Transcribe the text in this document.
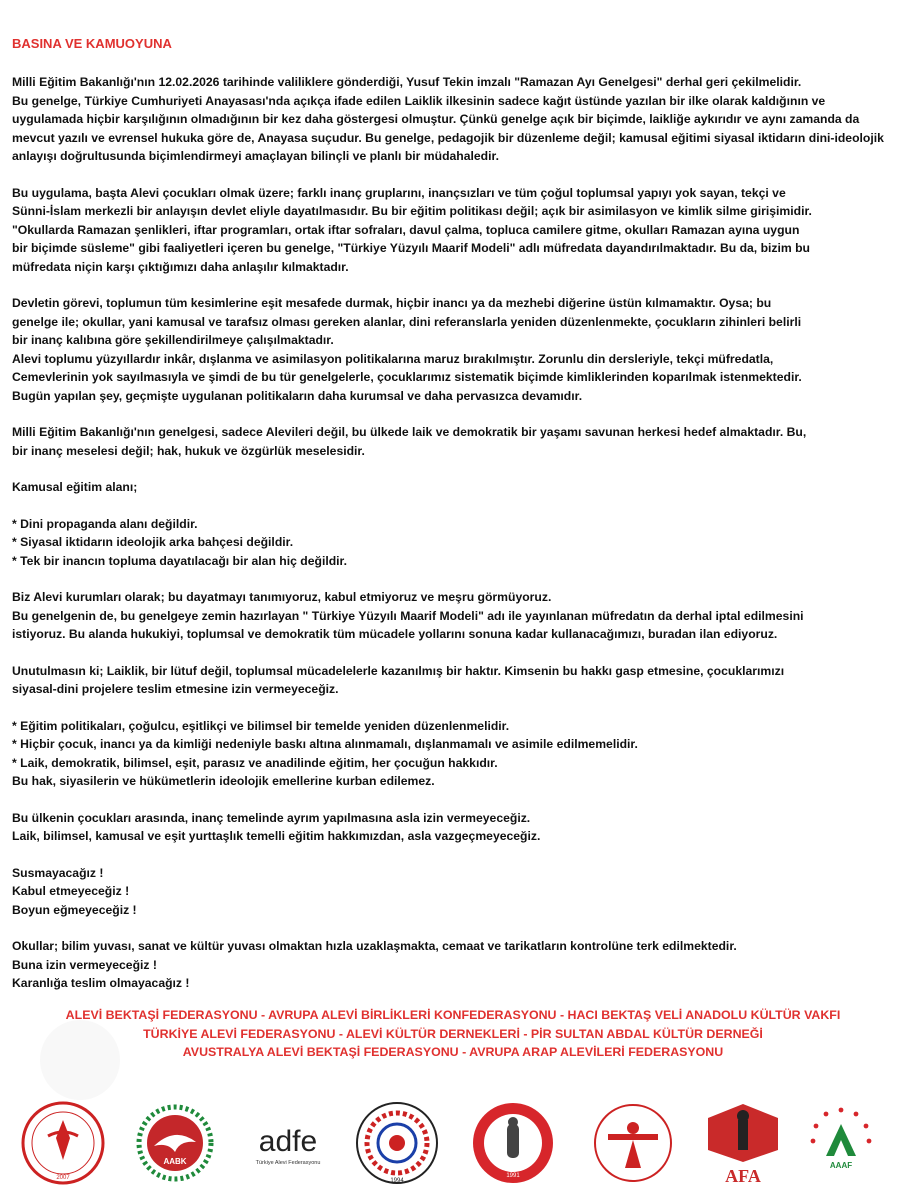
BASINA VE KAMUOYUNA
Milli Eğitim Bakanlığı'nın 12.02.2026 tarihinde valiliklere gönderdiği, Yusuf Tekin imzalı "Ramazan Ayı Genelgesi" derhal geri çekilmelidir.
Bu genelge, Türkiye Cumhuriyeti Anayasası'nda açıkça ifade edilen Laiklik ilkesinin sadece kağıt üstünde yazılan bir ilke olarak kaldığının ve
uygulamada hiçbir karşılığının olmadığının bir kez daha göstergesi olmuştur. Çünkü genelge açık bir biçimde, laikliğe aykırıdır ve aynı zamanda da
mevcut yazılı ve evrensel hukuka göre de, Anayasa suçudur. Bu genelge, pedagojik bir düzenleme değil; kamusal eğitimi siyasal iktidarın dini-ideolojik
anlayışı doğrultusunda biçimlendirmeyi amaçlayan bilinçli ve planlı bir müdahaledir.
Bu uygulama, başta Alevi çocukları olmak üzere; farklı inanç gruplarını, inançsızları ve tüm çoğul toplumsal yapıyı yok sayan, tekçi ve
Sünni-İslam merkezli bir anlayışın devlet eliyle dayatılmasıdır. Bu bir eğitim politikası değil; açık bir asimilasyon ve kimlik silme girişimidir.
"Okullarda Ramazan şenlikleri, iftar programları, ortak iftar sofraları, davul çalma, topluca camilere gitme, okulları Ramazan ayına uygun
bir biçimde süsleme" gibi faaliyetleri içeren bu genelge, "Türkiye Yüzyılı Maarif Modeli" adlı müfredata dayandırılmaktadır. Bu da, bizim bu
müfredata niçin karşı çıktığımızı daha anlaşılır kılmaktadır.
Devletin görevi, toplumun tüm kesimlerine eşit mesafede durmak, hiçbir inancı ya da mezhebi diğerine üstün kılmamaktır. Oysa; bu
genelge ile; okullar, yani kamusal ve tarafsız olması gereken alanlar, dini referanslarla yeniden düzenlenmekte, çocukların zihinleri belirli
bir inanç kalıbına göre şekillendirilmeye çalışılmaktadır.
Alevi toplumu yüzyıllardır inkâr, dışlanma ve asimilasyon politikalarına maruz bırakılmıştır. Zorunlu din dersleriyle, tekçi müfredatla,
Cemevlerinin yok sayılmasıyla ve şimdi de bu tür genelgelerle, çocuklarımız sistematik biçimde kimliklerinden koparılmak istenmektedir.
Bugün yapılan şey, geçmişte uygulanan politikaların daha kurumsal ve daha pervasızca devamıdır.
Milli Eğitim Bakanlığı'nın genelgesi, sadece Alevileri değil, bu ülkede laik ve demokratik bir yaşamı savunan herkesi hedef almaktadır. Bu,
bir inanç meselesi değil; hak, hukuk ve özgürlük meselesidir.
Kamusal eğitim alanı;
* Dini propaganda alanı değildir.
* Siyasal iktidarın ideolojik arka bahçesi değildir.
* Tek bir inancın topluma dayatılacağı bir alan hiç değildir.
Biz Alevi kurumları olarak; bu dayatmayı tanımıyoruz, kabul etmiyoruz ve meşru görmüyoruz.
Bu genelgenin de, bu genelgeye zemin hazırlayan " Türkiye Yüzyılı Maarif Modeli" adı ile yayınlanan müfredatın da derhal iptal edilmesini
istiyoruz. Bu alanda hukukiyi, toplumsal ve demokratik tüm mücadele yollarını sonuna kadar kullanacağımızı, buradan ilan ediyoruz.
Unutulmasın ki; Laiklik, bir lütuf değil, toplumsal mücadelelerle kazanılmış bir haktır. Kimsenin bu hakkı gasp etmesine, çocuklarımızı
siyasal-dini projelere teslim etmesine izin vermeyeceğiz.
* Eğitim politikaları, çoğulcu, eşitlikçi ve bilimsel bir temelde yeniden düzenlenmelidir.
* Hiçbir çocuk, inancı ya da kimliği nedeniyle baskı altına alınmamalı, dışlanmamalı ve asimile edilmemelidir.
* Laik, demokratik, bilimsel, eşit, parasız ve anadilinde eğitim, her çocuğun hakkıdır.
Bu hak, siyasilerin ve hükümetlerin ideolojik emellerine kurban edilemez.
Bu ülkenin çocukları arasında, inanç temelinde ayrım yapılmasına asla izin vermeyeceğiz.
Laik, bilimsel, kamusal ve eşit yurttaşlık temelli eğitim hakkımızdan, asla vazgeçmeyeceğiz.
Susmayacağız !
Kabul etmeyeceğiz !
Boyun eğmeyeceğiz !
Okullar; bilim yuvası, sanat ve kültür yuvası olmaktan hızla uzaklaşmakta, cemaat ve tarikatların kontrolüne terk edilmektedir.
Buna izin vermeyeceğiz !
Karanlığa teslim olmayacağız !
ALEVİ BEKTAŞİ FEDERASYONU - AVRUPA ALEVİ BİRLİKLERİ KONFEDERASYONU - HACI BEKTAŞ VELİ ANADOLU KÜLTÜR VAKFI
TÜRKİYE ALEVİ FEDERASYONU - ALEVİ KÜLTÜR DERNEKLERİ - PİR SULTAN ABDAL KÜLTÜR DERNEĞİ
AVUSTRALYA ALEVİ BEKTAŞİ FEDERASYONU - AVRUPA ARAP ALEVİLERİ FEDERASYONU
2007
AABK
adfe
Türkiye Alevi Federasyonu
1994
1991	AFA
AAAF
